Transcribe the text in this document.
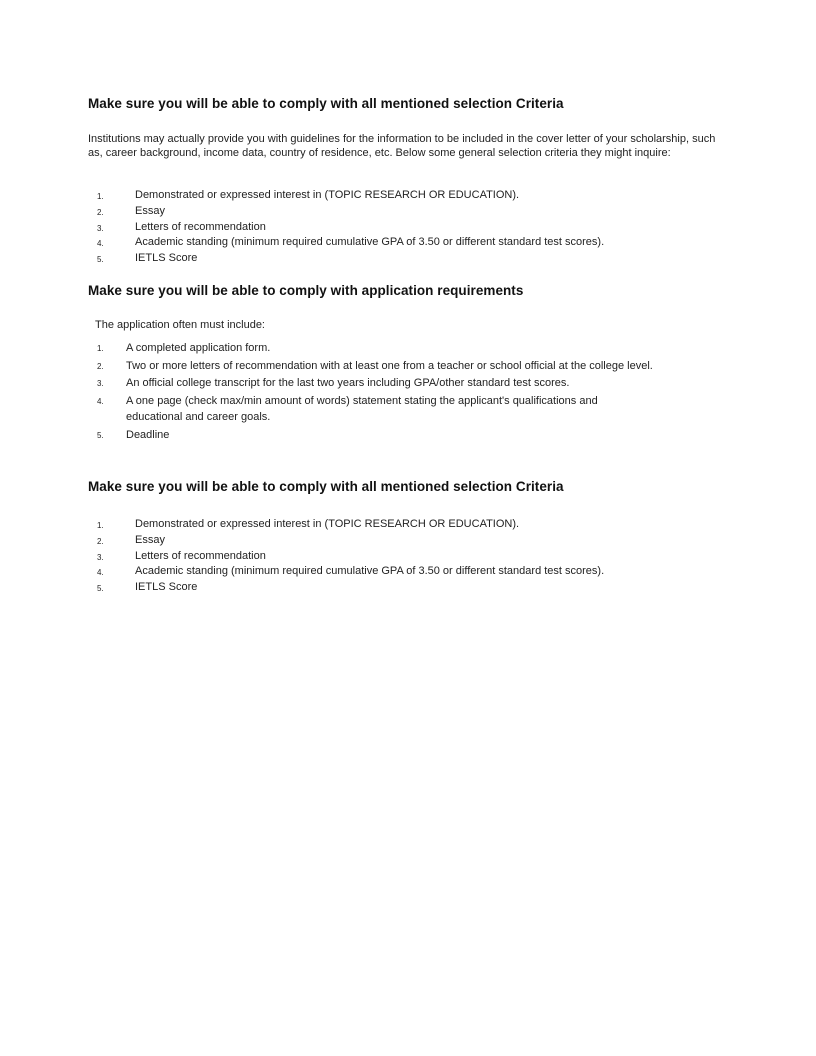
Make sure you will be able to comply with all mentioned selection Criteria
Institutions may actually provide you with guidelines for the information to be included in the cover letter of your scholarship, such as, career background, income data, country of residence, etc. Below some general selection criteria they might inquire:
1.	Demonstrated or expressed interest in (TOPIC RESEARCH OR EDUCATION).
2.	Essay
3.	Letters of recommendation
4.	Academic standing (minimum required cumulative GPA of 3.50 or different standard test scores).
5.	IETLS Score
Make sure you will be able to comply with application requirements
The application often must include:
1. A completed application form.
2. Two or more letters of recommendation with at least one from a teacher or school official at the college level.
3. An official college transcript for the last two years including GPA/other standard test scores.
4. A one page (check max/min amount of words) statement stating the applicant's qualifications and educational and career goals.
5. Deadline
Make sure you will be able to comply with all mentioned selection Criteria
1.	Demonstrated or expressed interest in (TOPIC RESEARCH OR EDUCATION).
2.	Essay
3.	Letters of recommendation
4.	Academic standing (minimum required cumulative GPA of 3.50 or different standard test scores).
5.	IETLS Score
